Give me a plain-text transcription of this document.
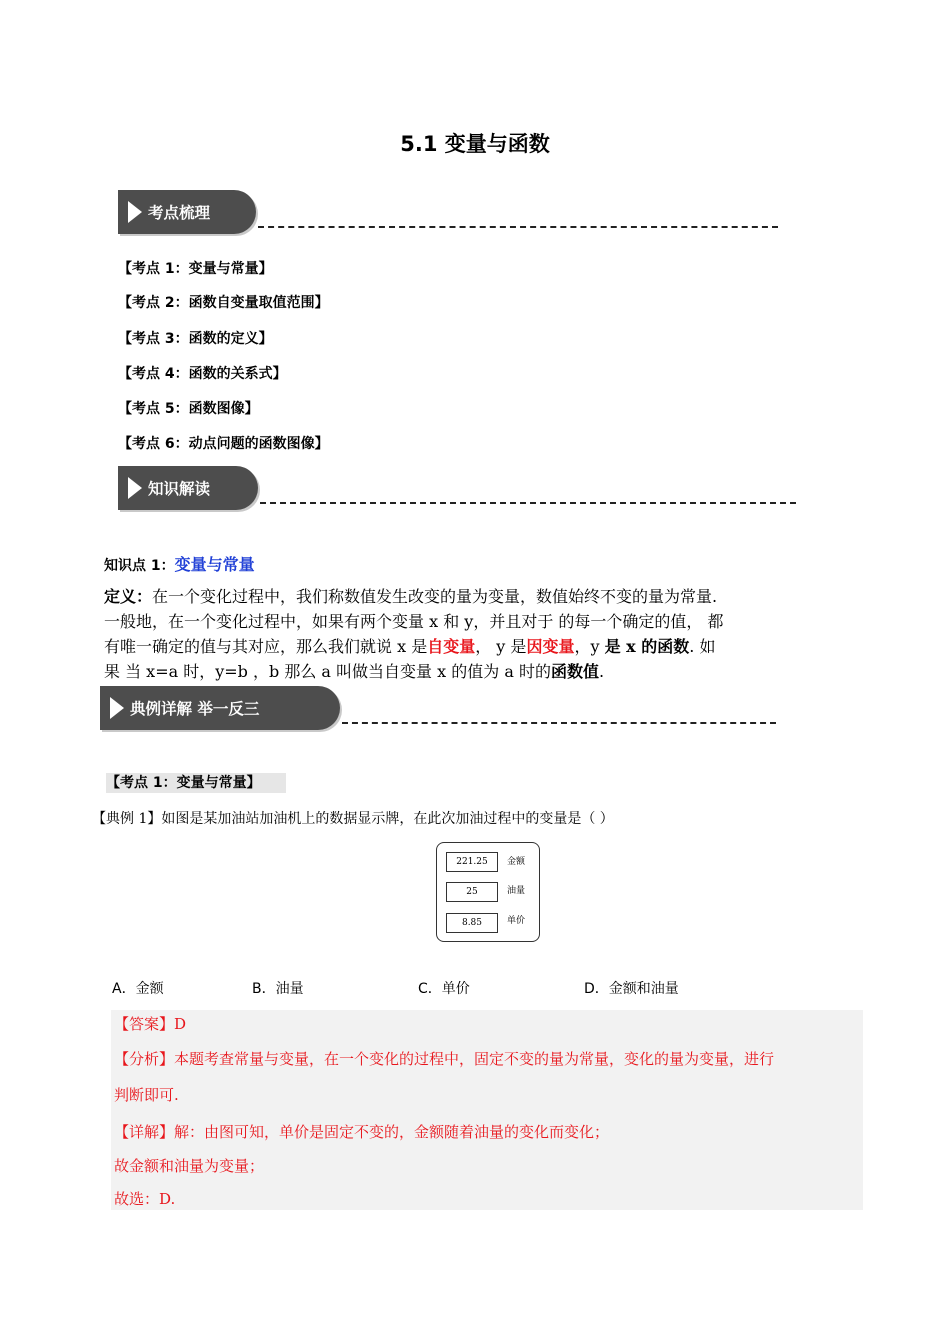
5.1 变量与函数
考点梳理
【考点 1：变量与常量】
【考点 2：函数自变量取值范围】
【考点 3：函数的定义】
【考点 4：函数的关系式】
【考点 5：函数图像】
【考点 6：动点问题的函数图像】
知识解读
知识点 1：变量与常量
定义：在一个变化过程中，我们称数值发生改变的量为变量，数值始终不变的量为常量.
一般地，在一个变化过程中，如果有两个变量 x 和 y，并且对于 的每一个确定的值， 都
有唯一确定的值与其对应，那么我们就说 x 是自变量， y 是因变量，y 是 x 的函数. 如
果 当 x=a 时，y=b ，b 那么 a 叫做当自变量 x 的值为 a 时的函数值.
典例详解 举一反三
【考点 1：变量与常量】
【典例 1】如图是某加油站加油机上的数据显示牌，在此次加油过程中的变量是（ ）
221.25	金额
25	油量
8.85	单价
A．金额	B．油量	C．单价	D．金额和油量
【答案】D
【分析】本题考查常量与变量，在一个变化的过程中，固定不变的量为常量，变化的量为变量，进行
判断即可.
【详解】解：由图可知，单价是固定不变的，金额随着油量的变化而变化；
故金额和油量为变量；
故选：D.
